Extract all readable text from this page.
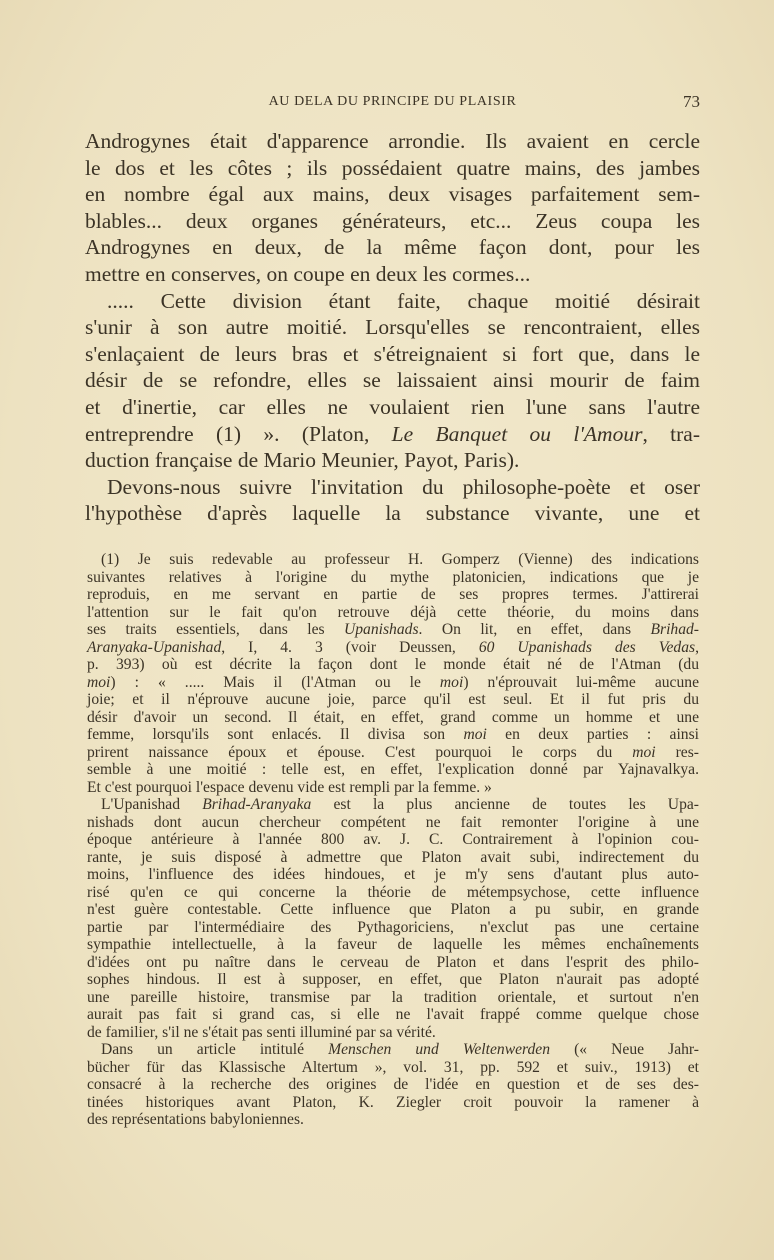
AU DELA DU PRINCIPE DU PLAISIR	73
Androgynes était d'apparence arrondie. Ils avaient en cercle
le dos et les côtes ; ils possédaient quatre mains, des jambes
en nombre égal aux mains, deux visages parfaitement sem-
blables... deux organes générateurs, etc... Zeus coupa les
Androgynes en deux, de la même façon dont, pour les
mettre en conserves, on coupe en deux les cormes...
..... Cette division étant faite, chaque moitié désirait
s'unir à son autre moitié. Lorsqu'elles se rencontraient, elles
s'enlaçaient de leurs bras et s'étreignaient si fort que, dans le
désir de se refondre, elles se laissaient ainsi mourir de faim
et d'inertie, car elles ne voulaient rien l'une sans l'autre
entreprendre (1) ». (Platon, Le Banquet ou l'Amour, tra-
duction française de Mario Meunier, Payot, Paris).
Devons-nous suivre l'invitation du philosophe-poète et oser
l'hypothèse d'après laquelle la substance vivante, une et
(1) Je suis redevable au professeur H. Gomperz (Vienne) des indications
suivantes relatives à l'origine du mythe platonicien, indications que je
reproduis, en me servant en partie de ses propres termes. J'attirerai
l'attention sur le fait qu'on retrouve déjà cette théorie, du moins dans
ses traits essentiels, dans les Upanishads. On lit, en effet, dans Brihad-
Aranyaka-Upanishad, I, 4. 3 (voir Deussen, 60 Upanishads des Vedas,
p. 393) où est décrite la façon dont le monde était né de l'Atman (du
moi) : « ..... Mais il (l'Atman ou le moi) n'éprouvait lui-même aucune
joie; et il n'éprouve aucune joie, parce qu'il est seul. Et il fut pris du
désir d'avoir un second. Il était, en effet, grand comme un homme et une
femme, lorsqu'ils sont enlacés. Il divisa son moi en deux parties : ainsi
prirent naissance époux et épouse. C'est pourquoi le corps du moi res-
semble à une moitié : telle est, en effet, l'explication donné par Yajnavalkya.
Et c'est pourquoi l'espace devenu vide est rempli par la femme. »
L'Upanishad Brihad-Aranyaka est la plus ancienne de toutes les Upa-
nishads dont aucun chercheur compétent ne fait remonter l'origine à une
époque antérieure à l'année 800 av. J. C. Contrairement à l'opinion cou-
rante, je suis disposé à admettre que Platon avait subi, indirectement du
moins, l'influence des idées hindoues, et je m'y sens d'autant plus auto-
risé qu'en ce qui concerne la théorie de métempsychose, cette influence
n'est guère contestable. Cette influence que Platon a pu subir, en grande
partie par l'intermédiaire des Pythagoriciens, n'exclut pas une certaine
sympathie intellectuelle, à la faveur de laquelle les mêmes enchaînements
d'idées ont pu naître dans le cerveau de Platon et dans l'esprit des philo-
sophes hindous. Il est à supposer, en effet, que Platon n'aurait pas adopté
une pareille histoire, transmise par la tradition orientale, et surtout n'en
aurait pas fait si grand cas, si elle ne l'avait frappé comme quelque chose
de familier, s'il ne s'était pas senti illuminé par sa vérité.
Dans un article intitulé Menschen und Weltenwerden (« Neue Jahr-
bücher für das Klassische Altertum », vol. 31, pp. 592 et suiv., 1913) et
consacré à la recherche des origines de l'idée en question et de ses des-
tinées historiques avant Platon, K. Ziegler croit pouvoir la ramener à
des représentations babyloniennes.
